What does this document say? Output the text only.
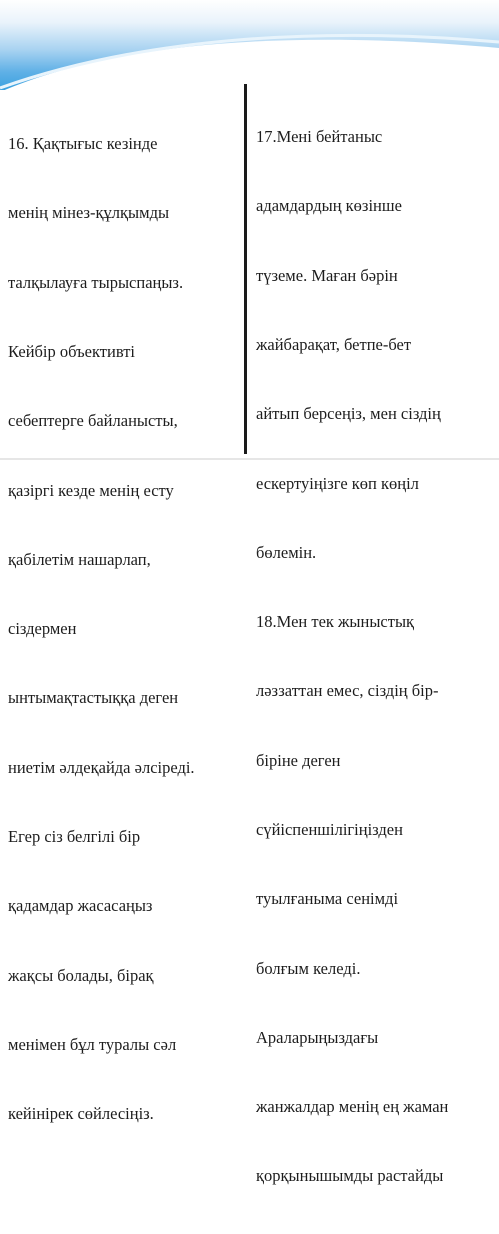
16. Қақтығыс кезінде

менің мінез-құлқымды

талқылауға тырыспаңыз.

Кейбір объективті

себептерге байланысты,

қазіргі кезде менің есту

қабілетім нашарлап,

сіздермен

ынтымақтастыққа деген

ниетім әлдеқайда әлсіреді.

Егер сіз белгілі бір

қадамдар жасасаңыз

жақсы болады, бірақ

менімен бұл туралы сәл

кейінірек сөйлесіңіз.

17.Мені бейтаныс

адамдардың көзінше

түземе. Маған бәрін

жайбарақат, бетпе-бет

айтып берсеңіз, мен сіздің

ескертуіңізге көп көңіл

бөлемін.

18.Мен тек жыныстық

ләззаттан емес, сіздің бір-

біріне деген

сүйіспеншілігіңізден

туылғаныма сенімді

болғым келеді.

Араларыңыздағы

жанжалдар менің ең жаман

қорқынышымды растайды
